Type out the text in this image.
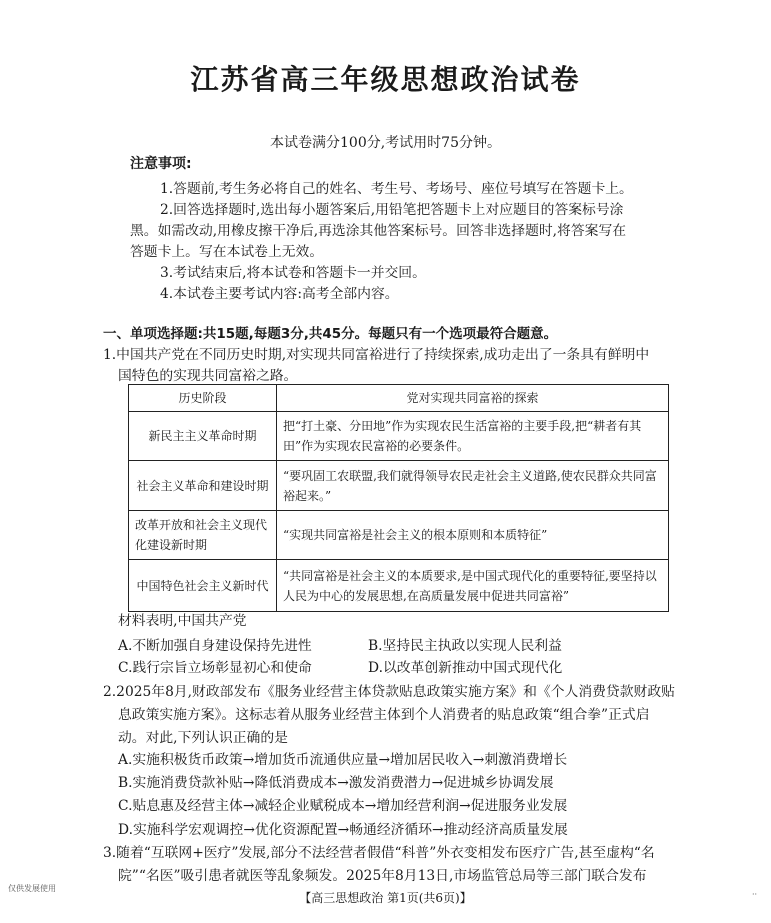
江苏省高三年级思想政治试卷
本试卷满分100分,考试用时75分钟。
注意事项:
1.答题前,考生务必将自己的姓名、考生号、考场号、座位号填写在答题卡上。
2.回答选择题时,选出每小题答案后,用铅笔把答题卡上对应题目的答案标号涂
黑。如需改动,用橡皮擦干净后,再选涂其他答案标号。回答非选择题时,将答案写在
答题卡上。写在本试卷上无效。
3.考试结束后,将本试卷和答题卡一并交回。
4.本试卷主要考试内容:高考全部内容。
一、单项选择题:共15题,每题3分,共45分。每题只有一个选项最符合题意。
1.中国共产党在不同历史时期,对实现共同富裕进行了持续探索,成功走出了一条具有鲜明中
国特色的实现共同富裕之路。
历史阶段	党对实现共同富裕的探索
新民主主义革命时期	把“打土豪、分田地”作为实现农民生活富裕的主要手段,把“耕者有其田”作为实现农民富裕的必要条件。
社会主义革命和建设时期	“要巩固工农联盟,我们就得领导农民走社会主义道路,使农民群众共同富裕起来。”
改革开放和社会主义现代化建设新时期	“实现共同富裕是社会主义的根本原则和本质特征”
中国特色社会主义新时代	“共同富裕是社会主义的本质要求,是中国式现代化的重要特征,要坚持以人民为中心的发展思想,在高质量发展中促进共同富裕”
材料表明,中国共产党
A.不断加强自身建设保持先进性	B.坚持民主执政以实现人民利益
C.践行宗旨立场彰显初心和使命	D.以改革创新推动中国式现代化
2.2025年8月,财政部发布《服务业经营主体贷款贴息政策实施方案》和《个人消费贷款财政贴
息政策实施方案》。这标志着从服务业经营主体到个人消费者的贴息政策“组合拳”正式启
动。对此,下列认识正确的是
A.实施积极货币政策→增加货币流通供应量→增加居民收入→刺激消费增长
B.实施消费贷款补贴→降低消费成本→激发消费潜力→促进城乡协调发展
C.贴息惠及经营主体→减轻企业赋税成本→增加经营利润→促进服务业发展
D.实施科学宏观调控→优化资源配置→畅通经济循环→推动经济高质量发展
3.随着“互联网+医疗”发展,部分不法经营者假借“科普”外衣变相发布医疗广告,甚至虚构“名
院”“名医”吸引患者就医等乱象频发。2025年8月13日,市场监管总局等三部门联合发布
仅供发展使用
【高三思想政治 第1页(共6页)】	··
